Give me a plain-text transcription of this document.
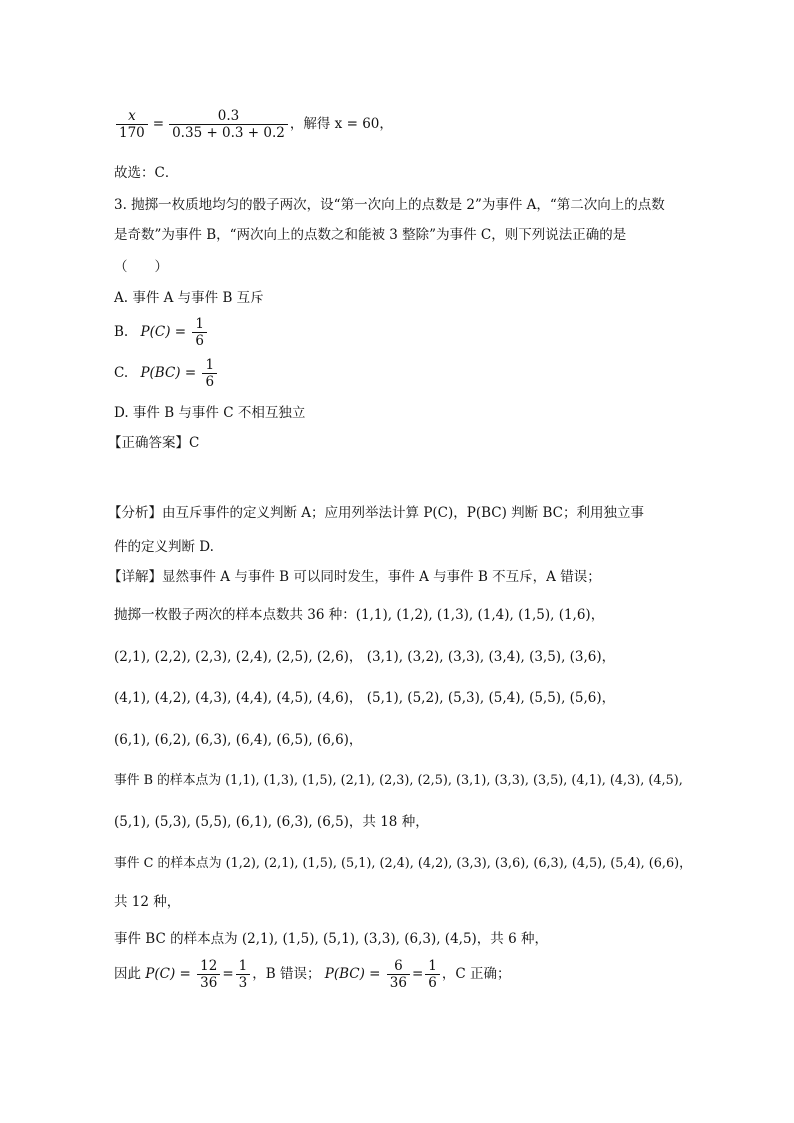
$\frac{x}{170} = \frac{0.3}{0.35 + 0.3 + 0.2}$ ，解得 x = 60，
故选：C．
3. 抛掷一枚质地均匀的骰子两次，设“第一次向上的点数是 2”为事件 A，“第二次向上的点数
是奇数”为事件 B，“两次向上的点数之和能被 3 整除”为事件 C，则下列说法正确的是
（　　）
A. 事件 A 与事件 B 互斥
B. $P(C) = \frac{1}{6}$
C. $P(BC) = \frac{1}{6}$
D. 事件 B 与事件 C 不相互独立
【正确答案】C
【分析】由互斥事件的定义判断 A；应用列举法计算 P(C)，P(BC) 判断 BC；利用独立事
件的定义判断 D.
【详解】显然事件 A 与事件 B 可以同时发生，事件 A 与事件 B 不互斥，A 错误；
抛掷一枚骰子两次的样本点数共 36 种：(1,1), (1,2), (1,3), (1,4), (1,5), (1,6)，
(2,1), (2,2), (2,3), (2,4), (2,5), (2,6)， (3,1), (3,2), (3,3), (3,4), (3,5), (3,6)，
(4,1), (4,2), (4,3), (4,4), (4,5), (4,6)， (5,1), (5,2), (5,3), (5,4), (5,5), (5,6)，
(6,1), (6,2), (6,3), (6,4), (6,5), (6,6)，
事件 B 的样本点为 (1,1), (1,3), (1,5), (2,1), (2,3), (2,5), (3,1), (3,3), (3,5), (4,1), (4,3), (4,5),
(5,1), (5,3), (5,5), (6,1), (6,3), (6,5)，共 18 种，
事件 C 的样本点为 (1,2), (2,1), (1,5), (5,1), (2,4), (4,2), (3,3), (3,6), (6,3), (4,5), (5,4), (6,6)，
共 12 种，
事件 BC 的样本点为 (2,1), (1,5), (5,1), (3,3), (6,3), (4,5)，共 6 种，
因此 $P(C) = \frac{12}{36} = \frac{1}{3}$ ，B 错误； $P(BC) = \frac{6}{36} = \frac{1}{6}$ ，C 正确；
